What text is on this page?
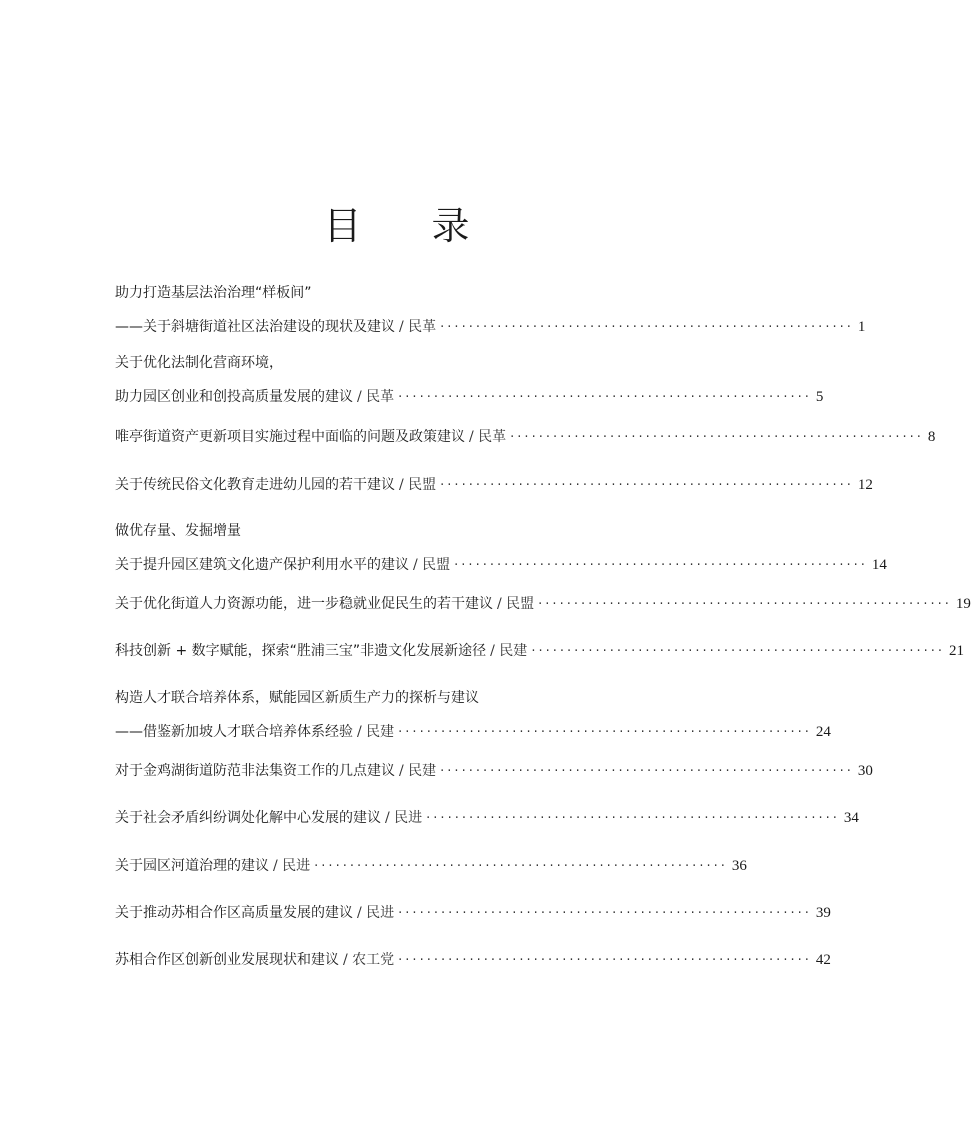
目 录
助力打造基层法治治理“样板间”
——关于斜塘街道社区法治建设的现状及建议 / 民革 ·························································· 1
关于优化法制化营商环境，
助力园区创业和创投高质量发展的建议 / 民革 ·························································· 5
唯亭街道资产更新项目实施过程中面临的问题及政策建议 / 民革 ·························································· 8
关于传统民俗文化教育走进幼儿园的若干建议 / 民盟 ·························································· 12
做优存量、发掘增量
关于提升园区建筑文化遗产保护利用水平的建议 / 民盟 ·························································· 14
关于优化街道人力资源功能，进一步稳就业促民生的若干建议 / 民盟 ·························································· 19
科技创新 + 数字赋能，探索“胜浦三宝”非遗文化发展新途径 / 民建 ·························································· 21
构造人才联合培养体系，赋能园区新质生产力的探析与建议
——借鉴新加坡人才联合培养体系经验 / 民建 ·························································· 24
对于金鸡湖街道防范非法集资工作的几点建议 / 民建 ·························································· 30
关于社会矛盾纠纷调处化解中心发展的建议 / 民进 ·························································· 34
关于园区河道治理的建议 / 民进 ·························································· 36
关于推动苏相合作区高质量发展的建议 / 民进 ·························································· 39
苏相合作区创新创业发展现状和建议 / 农工党 ·························································· 42
